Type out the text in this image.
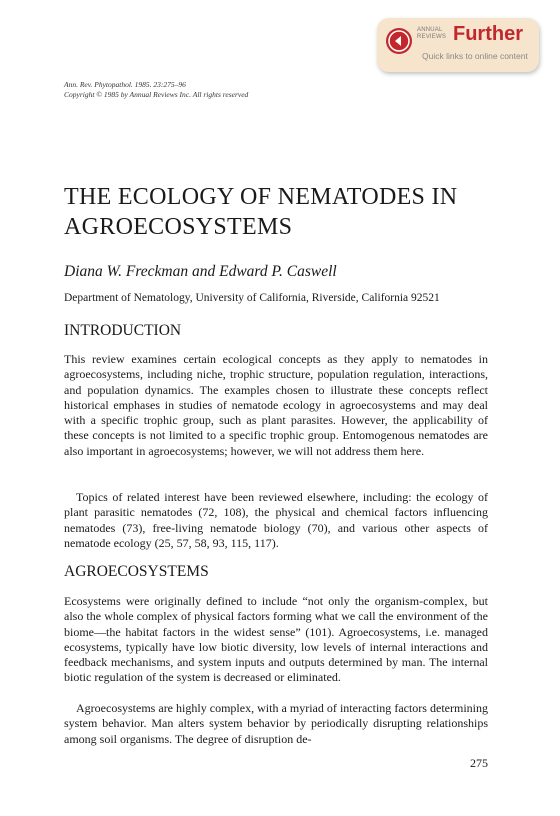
ANNUAL
REVIEWS Further
Quick links to online content
Ann. Rev. Phytopathol. 1985. 23:275–96
Copyright © 1985 by Annual Reviews Inc. All rights reserved
THE ECOLOGY OF NEMATODES IN AGROECOSYSTEMS
Diana W. Freckman and Edward P. Caswell
Department of Nematology, University of California, Riverside, California 92521
INTRODUCTION

This review examines certain ecological concepts as they apply to nematodes in agroecosystems, including niche, trophic structure, population regulation, interactions, and population dynamics. The examples chosen to illustrate these concepts reflect historical emphases in studies of nematode ecology in agroecosystems and may deal with a specific trophic group, such as plant parasites. However, the applicability of these concepts is not limited to a specific trophic group. Entomogenous nematodes are also important in agroecosystems; however, we will not address them here.

Topics of related interest have been reviewed elsewhere, including: the ecology of plant parasitic nematodes (72, 108), the physical and chemical factors influencing nematodes (73), free-living nematode biology (70), and various other aspects of nematode ecology (25, 57, 58, 93, 115, 117).

AGROECOSYSTEMS

Ecosystems were originally defined to include “not only the organism-complex, but also the whole complex of physical factors forming what we call the environment of the biome—the habitat factors in the widest sense” (101). Agroecosystems, i.e. managed ecosystems, typically have low biotic diversity, low levels of internal interactions and feedback mechanisms, and system inputs and outputs determined by man. The internal biotic regulation of the system is decreased or eliminated.

Agroecosystems are highly complex, with a myriad of interacting factors determining system behavior. Man alters system behavior by periodically disrupting relationships among soil organisms. The degree of disruption de-

275
